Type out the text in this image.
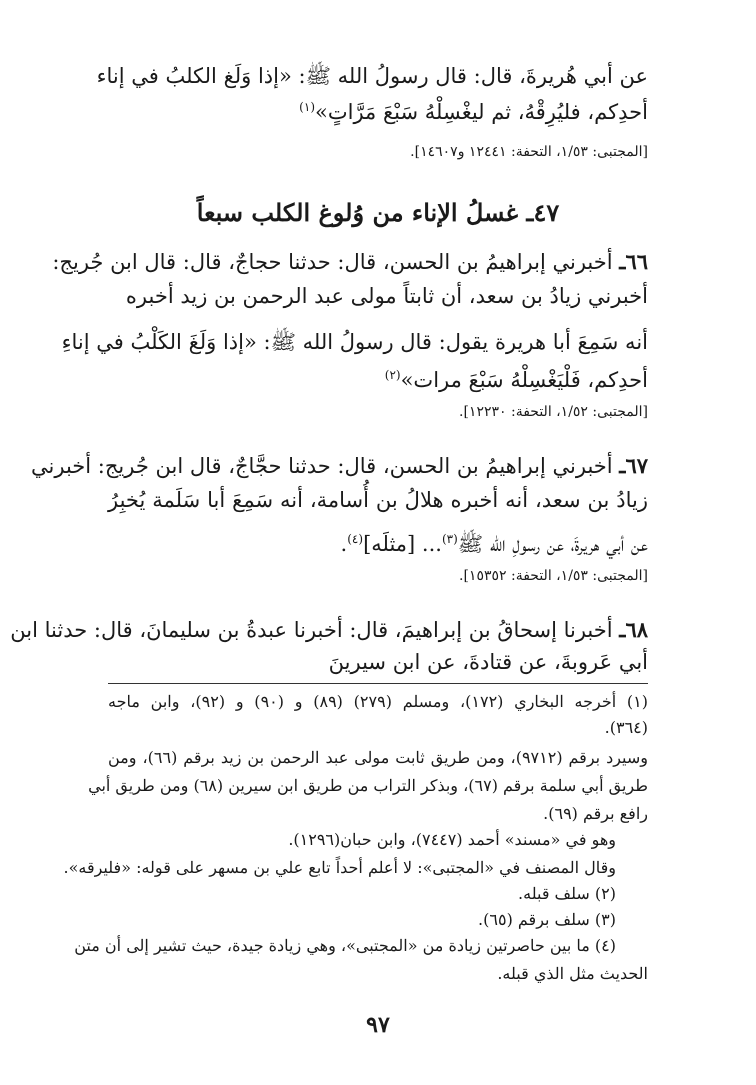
عن أبي هُريرةَ، قال: قال رسولُ الله ﷺ: «إذا وَلَغ الكلبُ في إناء
أحدِكم، فليُرِقْهُ، ثم ليغْسِلْهُ سَبْعَ مَرَّاتٍ»$^{(١)}$
[المجتبى: ١/٥٣، التحفة: ١٢٤٤١ و١٤٦٠٧].
٤٧ـ غسلُ الإناء من وُلوغ الكلب سبعاً
٦٦ـ أخبرني إبراهيمُ بن الحسن، قال: حدثنا حجاجٌ، قال: قال ابن جُريج:
أخبرني زيادُ بن سعد، أن ثابتاً مولى عبد الرحمن بن زيد أخبره
أنه سَمِعَ أبا هريرة يقول: قال رسولُ الله ﷺ: «إذا وَلَغَ الكَلْبُ في إناءِ
أحدِكم، فَلْيَغْسِلْهُ سَبْعَ مرات»$^{(٢)}$
[المجتبى: ١/٥٢، التحفة: ١٢٢٣٠].
٦٧ـ أخبرني إبراهيمُ بن الحسن، قال: حدثنا حجَّاجٌ، قال ابن جُريج: أخبرني
زيادُ بن سعد، أنه أخبره هلالُ بن أُسامة، أنه سَمِعَ أبا سَلَمة يُخبِرُ
عن أبي هريرةَ، عن رسولِ الله ﷺ$^{(٣)}$... [مثلَه]$^{(٤)}$.
[المجتبى: ١/٥٣، التحفة: ١٥٣٥٢].
٦٨ـ أخبرنا إسحاقُ بن إبراهيمَ، قال: أخبرنا عبدةُ بن سليمانَ، قال: حدثنا ابن
أبي عَروبةَ، عن قتادةَ، عن ابن سيرينَ
(١) أخرجه البخاري (١٧٢)، ومسلم (٢٧٩) (٨٩) و (٩٠) و (٩٢)، وابن ماجه
(٣٦٤).
وسيرد برقم (٩٧١٢)، ومن طريق ثابت مولى عبد الرحمن بن زيد برقم (٦٦)، ومن
طريق أبي سلمة برقم (٦٧)، وبذكر التراب من طريق ابن سيرين (٦٨) ومن طريق أبي
رافع برقم (٦٩).
وهو في «مسند» أحمد (٧٤٤٧)، وابن حبان(١٢٩٦).
وقال المصنف في «المجتبى»: لا أعلم أحداً تابع علي بن مسهر على قوله: «فليرقه».
(٢) سلف قبله.
(٣) سلف برقم (٦٥).
(٤) ما بين حاصرتين زيادة من «المجتبى»، وهي زيادة جيدة، حيث تشير إلى أن متن
الحديث مثل الذي قبله.
٩٧
